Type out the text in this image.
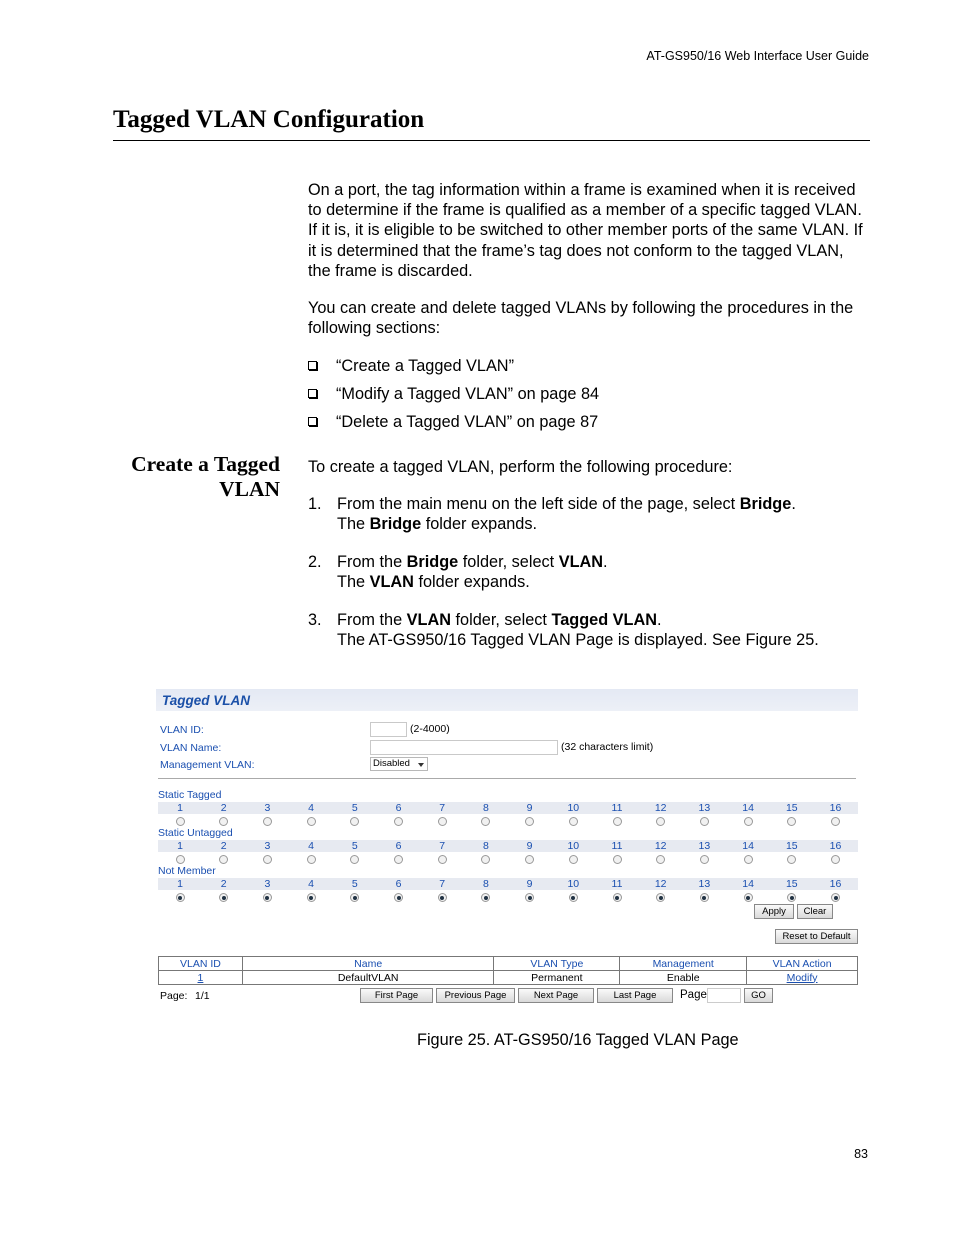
AT-GS950/16 Web Interface User Guide
Tagged VLAN Configuration

On a port, the tag information within a frame is examined when it is received to determine if the frame is qualified as a member of a specific tagged VLAN. If it is, it is eligible to be switched to other member ports of the same VLAN. If it is determined that the frame’s tag does not conform to the tagged VLAN, the frame is discarded.

You can create and delete tagged VLANs by following the procedures in the following sections:

“Create a Tagged VLAN”
“Modify a Tagged VLAN” on page 84
“Delete a Tagged VLAN” on page 87
Create a Tagged
VLAN

To create a tagged VLAN, perform the following procedure:

1. From the main menu on the left side of the page, select Bridge.
The Bridge folder expands.
2. From the Bridge folder, select VLAN.
The VLAN folder expands.
3. From the VLAN folder, select Tagged VLAN.
The AT-GS950/16 Tagged VLAN Page is displayed. See Figure 25.
Tagged VLAN
VLAN ID:	(2-4000)
VLAN Name:	(32 characters limit)
Management VLAN:	Disabled
Static Tagged
1	2	3	4	5	6	7	8	9	10	11	12	13	14	15	16
Static Untagged
1	2	3	4	5	6	7	8	9	10	11	12	13	14	15	16
Not Member
1	2	3	4	5	6	7	8	9	10	11	12	13	14	15	16
Apply	Clear
Reset to Default
VLAN ID	Name	VLAN Type	Management	VLAN Action
1	DefaultVLAN	Permanent	Enable	Modify
Page: 1/1	First Page	Previous Page	Next Page	Last Page	Page	GO
Figure 25. AT-GS950/16 Tagged VLAN Page
83
